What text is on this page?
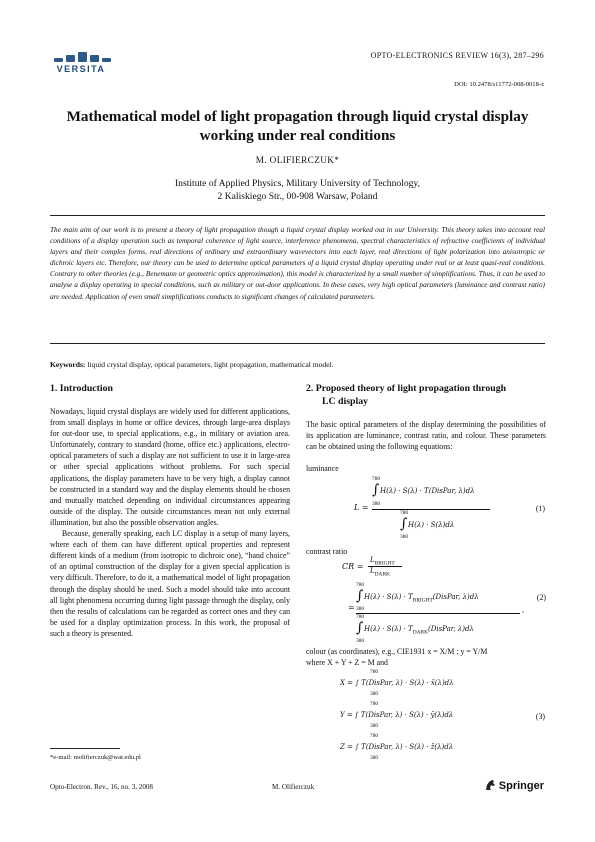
VERSITA
OPTO-ELECTRONICS REVIEW 16(3), 287–296
DOI: 10.2478/s11772-008-0018-z
Mathematical model of light propagation through liquid crystal display working under real conditions
M. OLIFIERCZUK*
Institute of Applied Physics, Military University of Technology,
2 Kaliskiego Str., 00-908 Warsaw, Poland
The main aim of our work is to present a theory of light propagation though a liquid crystal display worked out in our University. This theory takes into account real conditions of a display operation such as temporal coherence of light source, interference phenomena, spectral characteristics of refractive coefficients of individual layers and their complex forms, real directions of ordinary and extraordinary wavevectors into each layer, real directions of light polarization into anisotropic or dichroic layers etc. Therefore, our theory can be used to determine optical parameters of a liquid crystal display operating under real or at least quasi-real conditions. Contrary to other theories (e.g., Benemann or geometric optics approximation), this model is characterized by a small number of simplifications. Thus, it can be used to analyse a display operating in special conditions, such as military or out-door applications. In these cases, very high optical parameters (luminance and contrast ratio) are needed. Application of even small simplifications conducts to significant changes of calculated parameters.
Keywords: liquid crystal display, optical parameters, light propagation, mathematical model.
1. Introduction

Nowadays, liquid crystal displays are widely used for different applications, from small displays in home or office devices, through large-area displays for out-door use, to special applications, e.g., in military or aviation area. Unfortunately, contrary to standard (home, office etc.) applications, electro-optical parameters of such a display are not sufficient to use it in large-area or other special applications without problems. For such special applications, the display parameters have to be very high, a display cannot be constructed in a standard way and the display elements should be chosen and mutually matched depending on individual circumstances appearing outside of the display. The outside circumstances mean not only external illumination, but also the possible observation angles.

Because, generally speaking, each LC display is a setup of many layers, where each of them can have different optical properties and represent different kinds of a medium (from isotropic to dichroic one), “hand choice” of an optimal construction of the display for a given special application is very difficult. Therefore, to do it, a mathematical model of light propagation through the display should be used. Such a model should take into account all light phenomena occurring during light passage through the display, only then the results of calculations can be regarded as correct ones and they can be used for a display optimization process. In this work, the proposal of such a theory is presented.

2. Proposed theory of light propagation through
LC display

The basic optical parameters of the display determining the possibilities of its application are luminance, contrast ratio, and colour. These parameters can be obtained using the following equations:

luminance
L =
780
∫ H(λ) · S(λ) · T(DisPar, λ)dλ
380
780
∫ H(λ) · S(λ)dλ
380
(1)
contrast ratio
CR =
$L_{BRIGHT}$
$L_{DARK}$
780
∫ $H(\lambda) \cdot S(\lambda) \cdot T_{BRIGHT}(DisPar$, λ)dλ
= 380	,
780
∫ $H(\lambda) \cdot S(\lambda) \cdot T_{DARK}(DisPar$, λ)dλ
380
(2)
colour (as coordinates), e.g., CIE1931 x = X/M ; y = Y/M
where X + Y + Z = M and
780
X = ∫ T(DisPar, λ) · S(λ) · x̄(λ)dλ
380
780
Y = ∫ T(DisPar, λ) · S(λ) · ȳ(λ)dλ
380
780
Z = ∫ T(DisPar, λ) · S(λ) · z̄(λ)dλ
380
(3)
*e-mail: molifierczuk@wat.edu.pl
Opto-Electron. Rev., 16, no. 3, 2008	M. Olifierczuk	Springer
